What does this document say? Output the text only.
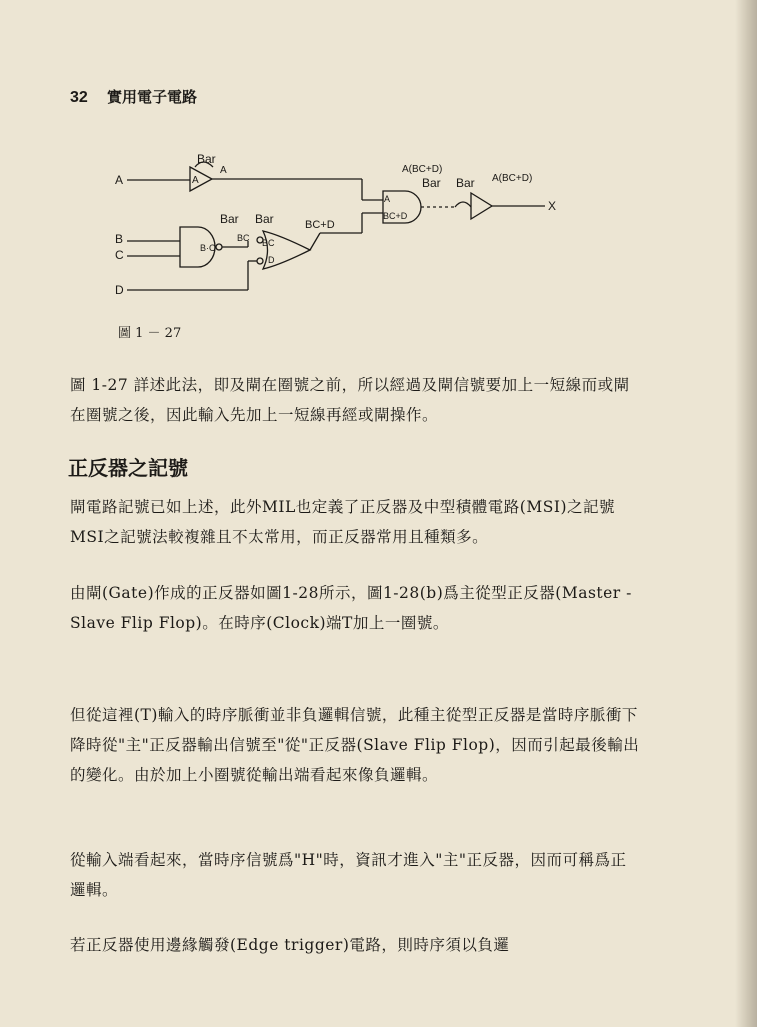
32 實用電子電路
A
B
C
D
X
Bar
A
A
Bar Bar
B·C
BC BC
D
BC+D
A
BC+D
A(BC+D)
Bar Bar A(BC+D)
圖 1 － 27
圖 1-27 詳述此法，即及閘在圈號之前，所以經過及閘信號要加上一短線而或閘在圈號之後，因此輸入先加上一短線再經或閘操作。
正反器之記號
閘電路記號已如上述，此外MIL也定義了正反器及中型積體電路(MSI)之記號MSI之記號法較複雜且不太常用，而正反器常用且種類多。
由閘(Gate)作成的正反器如圖1-28所示，圖1-28(b)爲主從型正反器(Master - Slave Flip Flop)。在時序(Clock)端T加上一圈號。
但從這裡(T)輸入的時序脈衝並非負邏輯信號，此種主從型正反器是當時序脈衝下降時從"主"正反器輸出信號至"從"正反器(Slave Flip Flop)，因而引起最後輸出的變化。由於加上小圈號從輸出端看起來像負邏輯。
從輸入端看起來，當時序信號爲"H"時，資訊才進入"主"正反器，因而可稱爲正邏輯。
若正反器使用邊緣觸發(Edge trigger)電路，則時序須以負邏
